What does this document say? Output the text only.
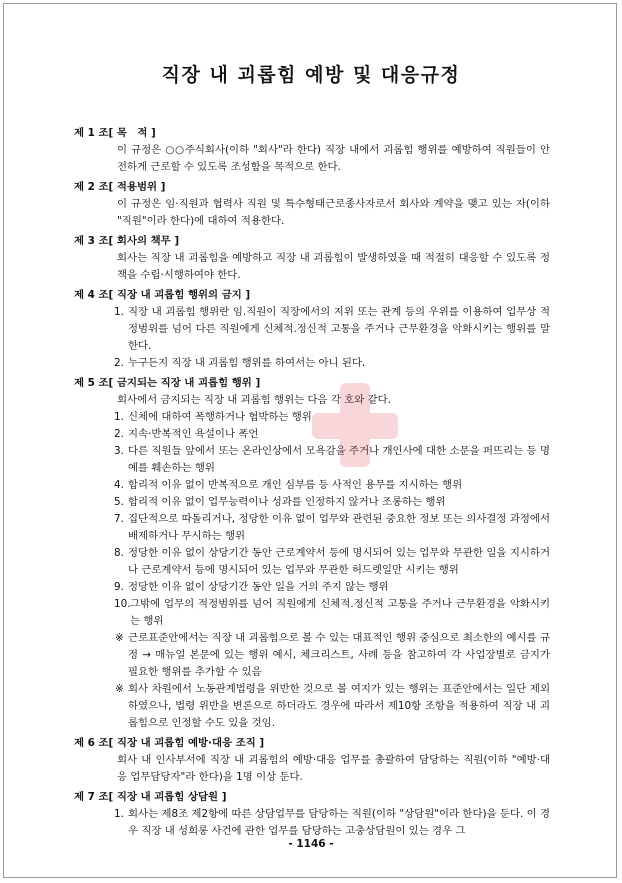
직장 내 괴롭힘 예방 및 대응규정
제 1 조[ 목　적 ]
이 규정은 ○○주식회사(이하 "회사"라 한다) 직장 내에서 괴롭힘 행위를 예방하여 직원들이 안전하게 근로할 수 있도록 조성함을 목적으로 한다.
제 2 조[ 적용범위 ]
이 규정은 임·직원과 협력사 직원 및 특수형태근로종사자로서 회사와 계약을 맺고 있는 자(이하 "직원"이라 한다)에 대하여 적용한다.
제 3 조[ 회사의 책무 ]
회사는 직장 내 괴롭힘을 예방하고 직장 내 괴롭힘이 발생하였을 때 적절히 대응할 수 있도록 정책을 수립·시행하여야 한다.
제 4 조[ 직장 내 괴롭힘 행위의 금지 ]
1. 직장 내 괴롭힘 행위란 임.직원이 직장에서의 지위 또는 관계 등의 우위를 이용하여 업무상 적정범위를 넘어 다른 직원에게 신체적.정신적 고통을 주거나 근무환경을 악화시키는 행위를 말한다.
2. 누구든지 직장 내 괴롭힘 행위를 하여서는 아니 된다.
제 5 조[ 금지되는 직장 내 괴롭힘 행위 ]
회사에서 금지되는 직장 내 괴롭힘 행위는 다음 각 호와 같다.
1. 신체에 대하여 폭행하거나 협박하는 행위
2. 지속·반복적인 욕설이나 폭언
3. 다른 직원들 앞에서 또는 온라인상에서 모욕감을 주거나 개인사에 대한 소문을 퍼뜨리는 등 명예를 훼손하는 행위
4. 합리적 이유 없이 반복적으로 개인 심부름 등 사적인 용무를 지시하는 행위
5. 합리적 이유 없이 업무능력이나 성과를 인정하지 않거나 조롱하는 행위
7. 집단적으로 따돌리거나, 정당한 이유 없이 업무와 관련된 중요한 정보 또는 의사결정 과정에서 배제하거나 무시하는 행위
8. 정당한 이유 없이 상당기간 동안 근로계약서 등에 명시되어 있는 업무와 무관한 일을 지시하거나 근로계약서 등에 명시되어 있는 업무와 무관한 허드렛일만 시키는 행위
9. 정당한 이유 없이 상당기간 동안 일을 거의 주지 않는 행위
10. 그밖에 업무의 적정범위를 넘어 직원에게 신체적.정신적 고통을 주거나 근무환경을 악화시키는 행위
※ 근로표준안에서는 직장 내 괴롭힘으로 볼 수 있는 대표적인 행위 중심으로 최소한의 예시를 규정 → 매뉴얼 본문에 있는 행위 예시, 체크리스트, 사례 등을 참고하여 각 사업장별로 금지가 필요한 행위를 추가할 수 있음
※ 회사 차원에서 노동관계법령을 위반한 것으로 볼 여지가 있는 행위는 표준안에서는 일단 제외하였으나, 법령 위반을 변론으로 하더라도 경우에 따라서 제10항 조항을 적용하여 직장 내 괴롭힘으로 인정할 수도 있을 것임.
제 6 조[ 직장 내 괴롭힘 예방·대응 조직 ]
회사 내 인사부서에 직장 내 괴롭힘의 예방·대응 업무를 총괄하여 담당하는 직원(이하 "예방·대응 업무담당자"라 한다)을 1명 이상 둔다.
제 7 조[ 직장 내 괴롭힘 상담원 ]
1. 회사는 제8조 제2항에 따른 상담업무를 담당하는 직원(이하 "상담원"이라 한다)을 둔다. 이 경우 직장 내 성희롱 사건에 관한 업무를 담당하는 고충상담원이 있는 경우 그
- 1146 -
